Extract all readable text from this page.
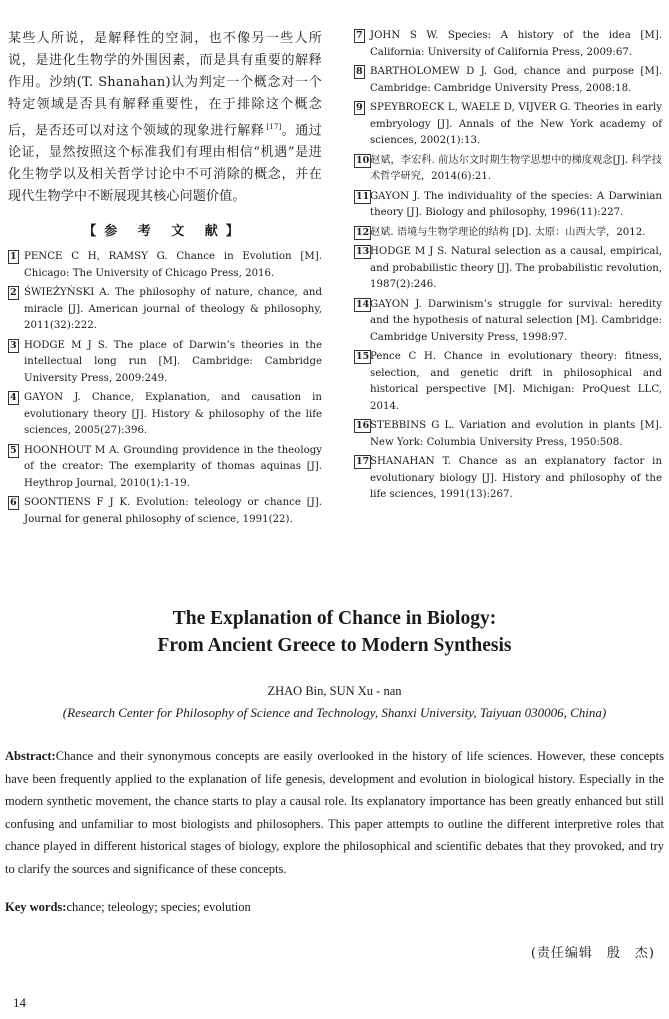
某些人所说，是解释性的空洞，也不像另一些人所说，是进化生物学的外围因素，而是具有重要的解释作用。沙纳(T. Shanahan)认为判定一个概念对一个特定领域是否具有解释重要性，在于排除这个概念后，是否还可以对这个领域的现象进行解释 [17]。通过论证，显然按照这个标准我们有理由相信“机遇”是进化生物学以及相关哲学讨论中不可消除的概念，并在现代生物学中不断展现其核心问题价值。

【参 考 文 献】
1 PENCE C H, RAMSY G. Chance in Evolution [M]. Chicago: The University of Chicago Press, 2016.
2 ŚWIEŻYŃSKI A. The philosophy of nature, chance, and miracle [J]. American journal of theology & philosophy, 2011(32):222.
3 HODGE M J S. The place of Darwin’s theories in the intellectual long run [M]. Cambridge: Cambridge University Press, 2009:249.
4 GAYON J. Chance, Explanation, and causation in evolutionary theory [J]. History & philosophy of the life sciences, 2005(27):396.
5 HOONHOUT M A. Grounding providence in the theology of the creator: The exemplarity of thomas aquinas [J]. Heythrop Journal, 2010(1):1-19.
6 SOONTIENS F J K. Evolution: teleology or chance [J]. Journal for general philosophy of science, 1991(22).
7 JOHN S W. Species: A history of the idea [M]. California: University of California Press, 2009:67.
8 BARTHOLOMEW D J. God, chance and purpose [M]. Cambridge: Cambridge University Press, 2008:18.
9 SPEYBROECK L, WAELE D, VIJVER G. Theories in early embryology [J]. Annals of the New York academy of sciences, 2002(1):13.
10 赵斌，李宏科. 前达尔文时期生物学思想中的梯度观念[J]. 科学技术哲学研究，2014(6):21.
11 GAYON J. The individuality of the species: A Darwinian theory [J]. Biology and philosophy, 1996(11):227.
12 赵斌. 语境与生物学理论的结构 [D]. 太原：山西大学，2012.
13 HODGE M J S. Natural selection as a causal, empirical, and probabilistic theory [J]. The probabilistic revolution, 1987(2):246.
14 GAYON J. Darwinism’s struggle for survival: heredity and the hypothesis of natural selection [M]. Cambridge: Cambridge University Press, 1998:97.
15 Pence C H. Chance in evolutionary theory: fitness, selection, and genetic drift in philosophical and historical perspective [M]. Michigan: ProQuest LLC, 2014.
16 STEBBINS G L. Variation and evolution in plants [M]. New York: Columbia University Press, 1950:508.
17 SHANAHAN T. Chance as an explanatory factor in evolutionary biology [J]. History and philosophy of the life sciences, 1991(13):267.
The Explanation of Chance in Biology:
From Ancient Greece to Modern Synthesis
ZHAO Bin, SUN Xu - nan
(Research Center for Philosophy of Science and Technology, Shanxi University, Taiyuan 030006, China)

Abstract:Chance and their synonymous concepts are easily overlooked in the history of life sciences. However, these concepts have been frequently applied to the explanation of life genesis, development and evolution in biological history. Especially in the modern synthetic movement, the chance starts to play a causal role. Its explanatory importance has been greatly enhanced but still confusing and unfamiliar to most biologists and philosophers. This paper attempts to outline the different interpretive roles that chance played in different historical stages of biology, explore the philosophical and scientific debates that they provoked, and try to clarify the sources and significance of these concepts.

Key words:chance; teleology; species; evolution

(责任编辑　殷　杰)
14
